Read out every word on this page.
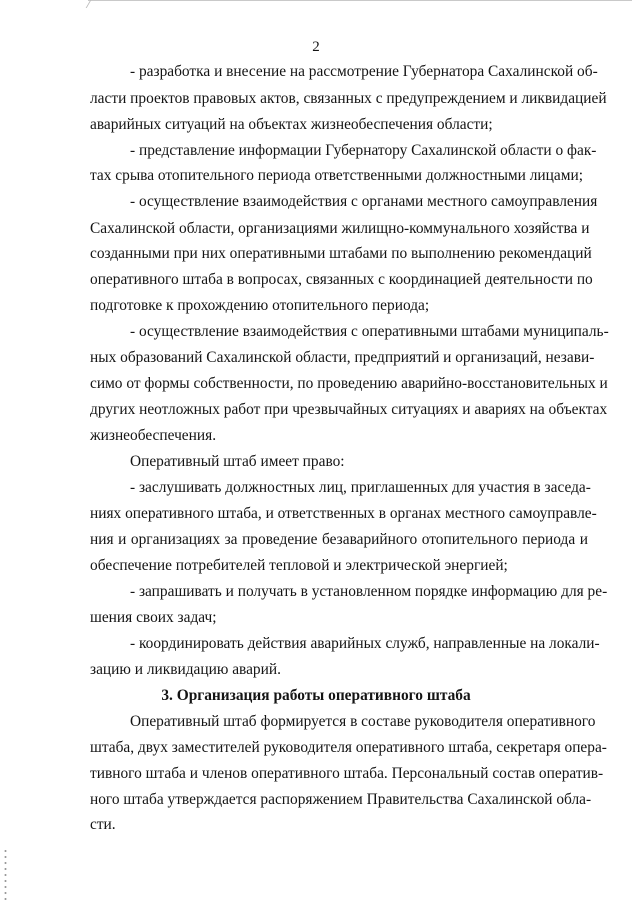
2
- разработка и внесение на рассмотрение Губернатора Сахалинской об-
ласти проектов правовых актов, связанных с предупреждением и ликвидацией
аварийных ситуаций на объектах жизнеобеспечения области;
- представление информации Губернатору Сахалинской области о фак-
тах срыва отопительного периода ответственными должностными лицами;
- осуществление взаимодействия с органами местного самоуправления
Сахалинской области, организациями жилищно-коммунального хозяйства и
созданными при них оперативными штабами по выполнению рекомендаций
оперативного штаба в вопросах, связанных с координацией деятельности по
подготовке к прохождению отопительного периода;
- осуществление взаимодействия с оперативными штабами муниципаль-
ных образований Сахалинской области, предприятий и организаций, незави-
симо от формы собственности, по проведению аварийно-восстановительных и
других неотложных работ при чрезвычайных ситуациях и авариях на объектах
жизнеобеспечения.
Оперативный штаб имеет право:
- заслушивать должностных лиц, приглашенных для участия в заседа-
ниях оперативного штаба, и ответственных в органах местного самоуправле-
ния и организациях за проведение безаварийного отопительного периода и
обеспечение потребителей тепловой и электрической энергией;
- запрашивать и получать в установленном порядке информацию для ре-
шения своих задач;
- координировать действия аварийных служб, направленные на локали-
зацию и ликвидацию аварий.
3. Организация работы оперативного штаба
Оперативный штаб формируется в составе руководителя оперативного
штаба, двух заместителей руководителя оперативного штаба, секретаря опера-
тивного штаба и членов оперативного штаба. Персональный состав оператив-
ного штаба утверждается распоряжением Правительства Сахалинской обла-
сти.
